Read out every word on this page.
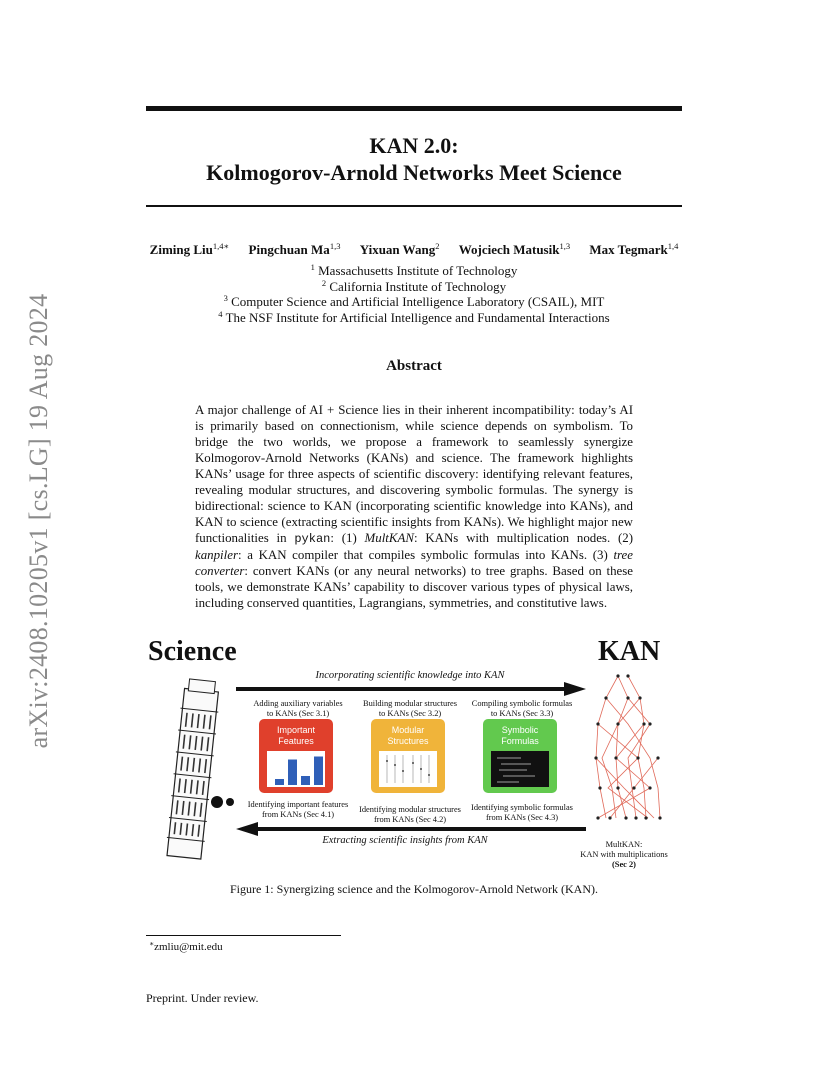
arXiv:2408.10205v1 [cs.LG] 19 Aug 2024
KAN 2.0:
Kolmogorov-Arnold Networks Meet Science
Ziming Liu$^{1,4∗}$ Pingchuan Ma$^{1,3}$ Yixuan Wang$^2$ Wojciech Matusik$^{1,3}$ Max Tegmark$^{1,4}$
$^1$ Massachusetts Institute of Technology
$^2$ California Institute of Technology
$^3$ Computer Science and Artificial Intelligence Laboratory (CSAIL), MIT
$^4$ The NSF Institute for Artificial Intelligence and Fundamental Interactions
Abstract
A major challenge of AI + Science lies in their inherent incompatibility: today’s AI is primarily based on connectionism, while science depends on symbolism. To bridge the two worlds, we propose a framework to seamlessly synergize Kolmogorov-Arnold Networks (KANs) and science. The framework highlights KANs’ usage for three aspects of scientific discovery: identifying relevant features, revealing modular structures, and discovering symbolic formulas. The synergy is bidirectional: science to KAN (incorporating scientific knowledge into KANs), and KAN to science (extracting scientific insights from KANs). We highlight major new functionalities in pykan: (1) MultKAN: KANs with multiplication nodes. (2) kanpiler: a KAN compiler that compiles symbolic formulas into KANs. (3) tree converter: convert KANs (or any neural networks) to tree graphs. Based on these tools, we demonstrate KANs’ capability to discover various types of physical laws, including conserved quantities, Lagrangians, symmetries, and constitutive laws.
Science	KAN
Incorporating scientific knowledge into KAN
Adding auxiliary variables
to KANs (Sec 3.1)
Building modular structures
to KANs (Sec 3.2)
Compiling symbolic formulas
to KANs (Sec 3.3)
Important
Features
Modular
Structures
Symbolic
Formulas
Identifying important features
from KANs (Sec 4.1)
Identifying modular structures
from KANs (Sec 4.2)
Identifying symbolic formulas
from KANs (Sec 4.3)
Extracting scientific insights from KAN	MultKAN:
KAN with multiplications
(Sec 2)
Figure 1: Synergizing science and the Kolmogorov-Arnold Network (KAN).
∗zmliu@mit.edu
Preprint. Under review.
